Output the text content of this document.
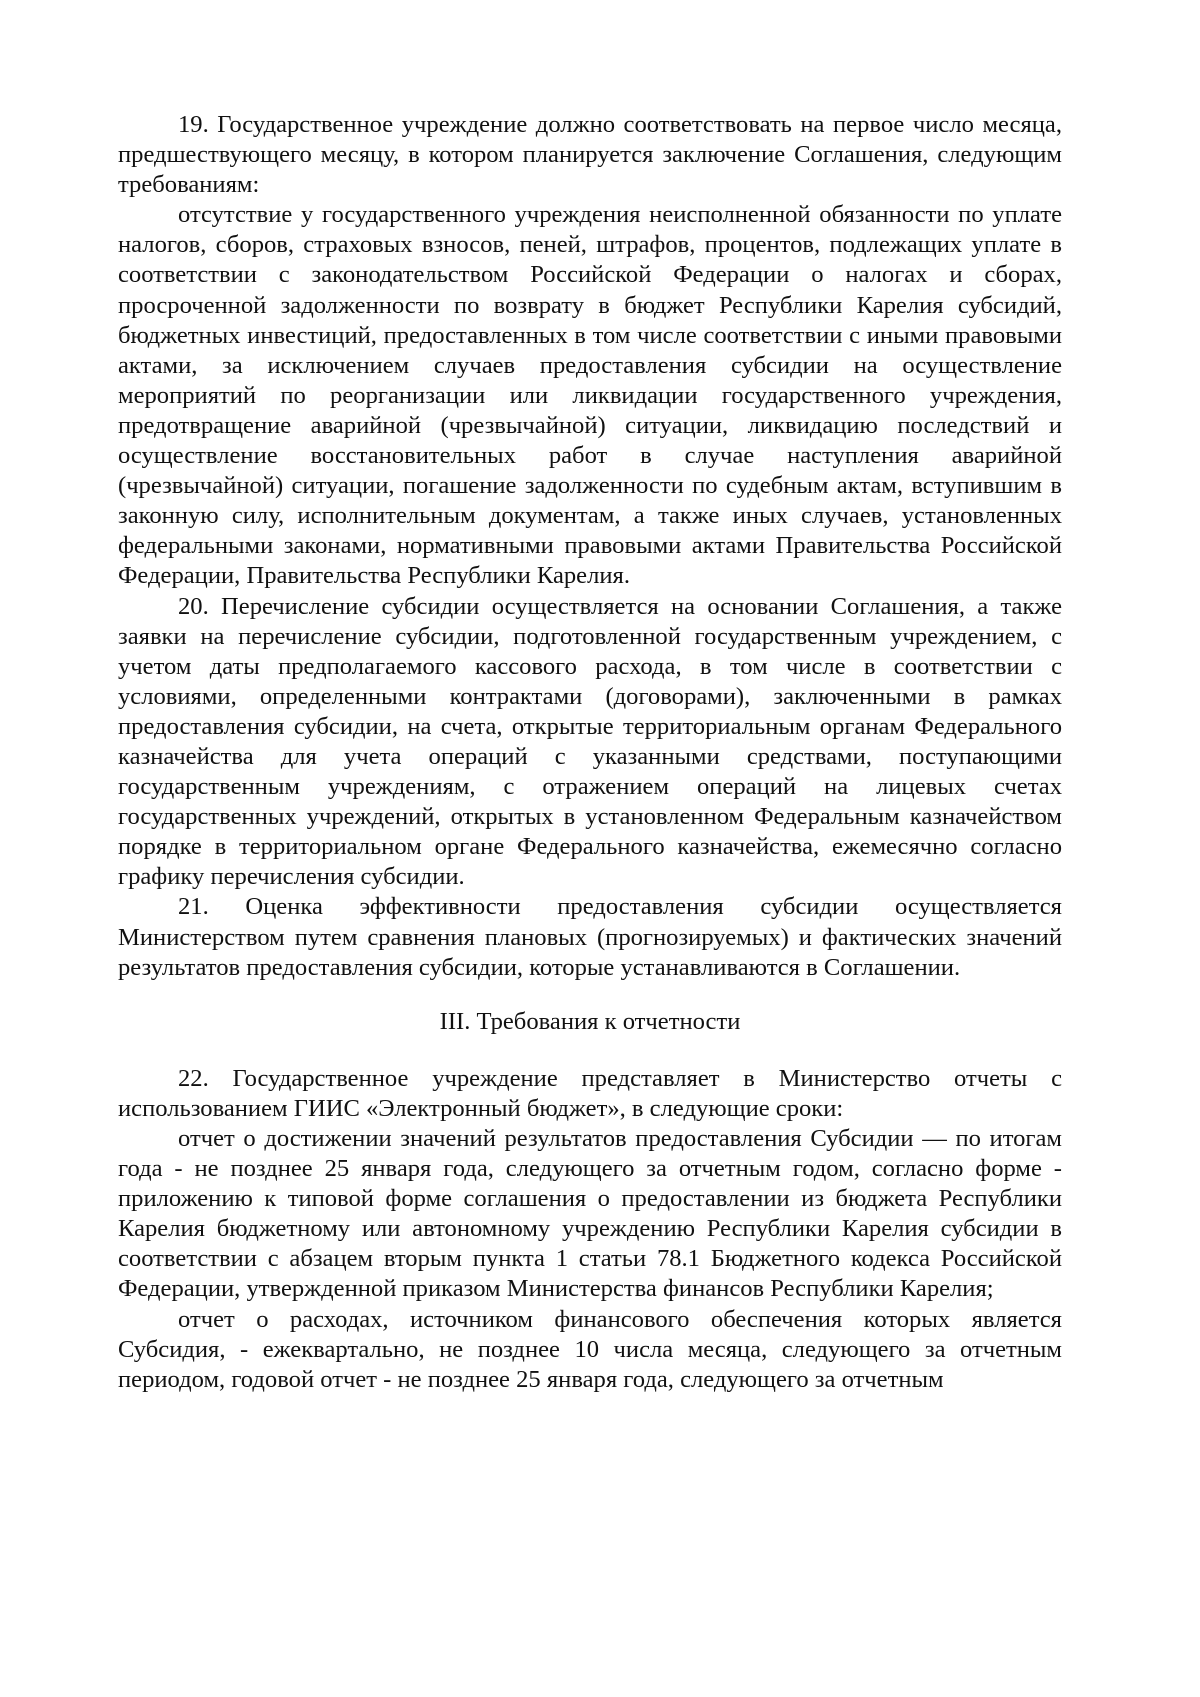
19. Государственное учреждение должно соответствовать на первое число месяца, предшествующего месяцу, в котором планируется заключение Соглашения, следующим требованиям:

отсутствие у государственного учреждения неисполненной обязанности по уплате налогов, сборов, страховых взносов, пеней, штрафов, процентов, подлежащих уплате в соответствии с законодательством Российской Федерации о налогах и сборах, просроченной задолженности по возврату в бюджет Республики Карелия субсидий, бюджетных инвестиций, предоставленных в том числе соответствии с иными правовыми актами, за исключением случаев предоставления субсидии на осуществление мероприятий по реорганизации или ликвидации государственного учреждения, предотвращение аварийной (чрезвычайной) ситуации, ликвидацию последствий и осуществление восстановительных работ в случае наступления аварийной (чрезвычайной) ситуации, погашение задолженности по судебным актам, вступившим в законную силу, исполнительным документам, а также иных случаев, установленных федеральными законами, нормативными правовыми актами Правительства Российской Федерации, Правительства Республики Карелия.

20. Перечисление субсидии осуществляется на основании Соглашения, а также заявки на перечисление субсидии, подготовленной государственным учреждением, с учетом даты предполагаемого кассового расхода, в том числе в соответствии с условиями, определенными контрактами (договорами), заключенными в рамках предоставления субсидии, на счета, открытые территориальным органам Федерального казначейства для учета операций с указанными средствами, поступающими государственным учреждениям, с отражением операций на лицевых счетах государственных учреждений, открытых в установленном Федеральным казначейством порядке в территориальном органе Федерального казначейства, ежемесячно согласно графику перечисления субсидии.

21. Оценка эффективности предоставления субсидии осуществляется Министерством путем сравнения плановых (прогнозируемых) и фактических значений результатов предоставления субсидии, которые устанавливаются в Соглашении.

III. Требования к отчетности

22. Государственное учреждение представляет в Министерство отчеты с использованием ГИИС «Электронный бюджет», в следующие сроки:

отчет о достижении значений результатов предоставления Субсидии — по итогам года - не позднее 25 января года, следующего за отчетным годом, согласно форме - приложению к типовой форме соглашения о предоставлении из бюджета Республики Карелия бюджетному или автономному учреждению Республики Карелия субсидии в соответствии с абзацем вторым пункта 1 статьи 78.1 Бюджетного кодекса Российской Федерации, утвержденной приказом Министерства финансов Республики Карелия;

отчет о расходах, источником финансового обеспечения которых является Субсидия, - ежеквартально, не позднее 10 числа месяца, следующего за отчетным периодом, годовой отчет - не позднее 25 января года, следующего за отчетным
